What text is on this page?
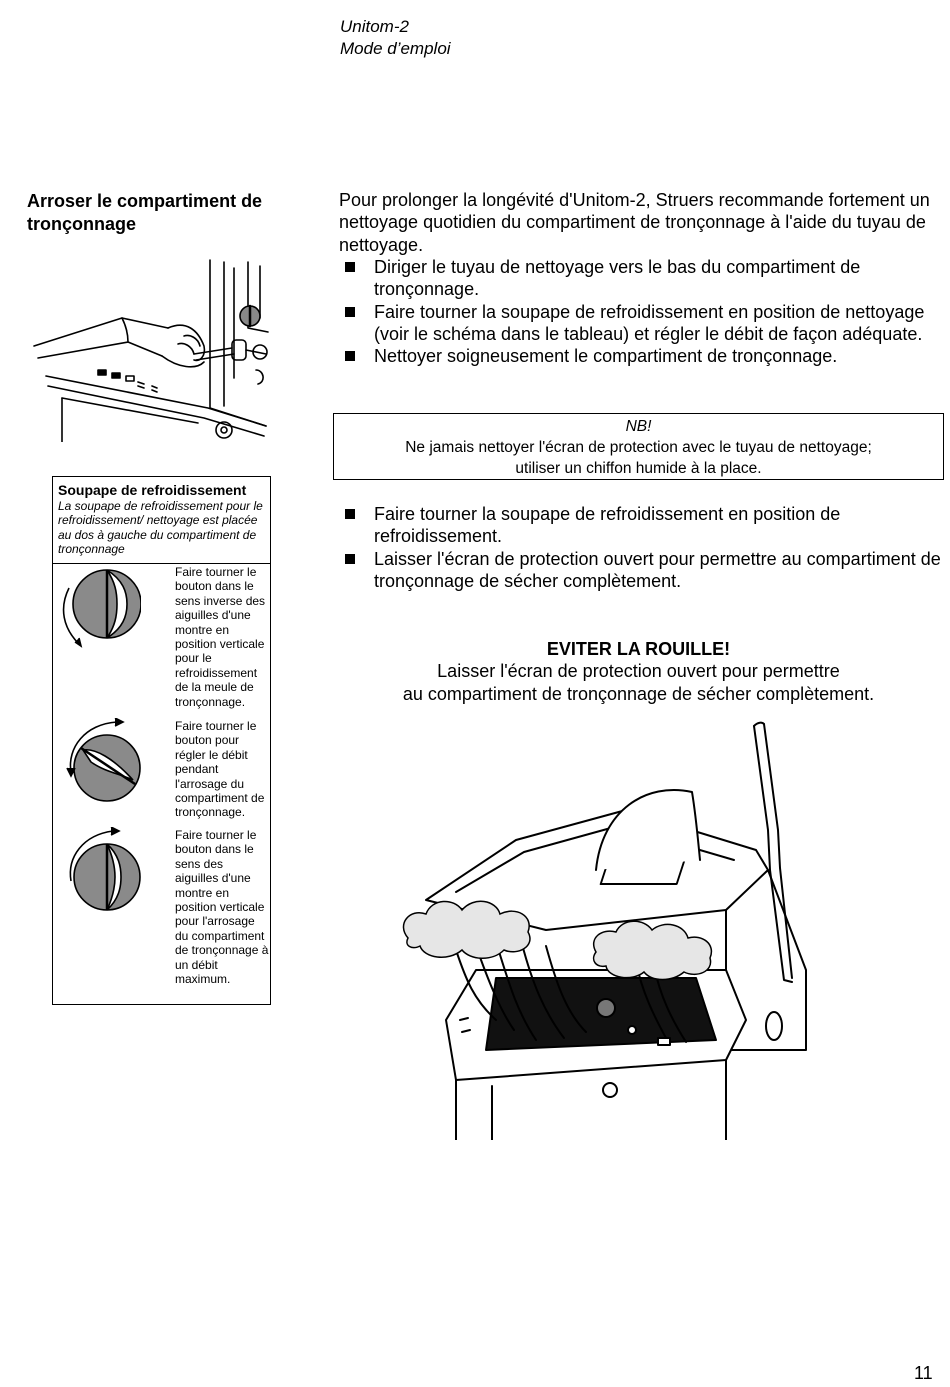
Unitom-2
Mode d’emploi
Arroser le compartiment de
tronçonnage
Pour prolonger la longévité d'Unitom-2, Struers recommande fortement un nettoyage quotidien du compartiment de tronçonnage à l'aide du tuyau de nettoyage.
Diriger le tuyau de nettoyage vers le bas du compartiment de tronçonnage.
Faire tourner la soupape de refroidissement en position de nettoyage (voir le schéma dans le tableau) et régler le débit de façon adéquate.
Nettoyer soigneusement le compartiment de tronçonnage.
NB!
Ne jamais nettoyer l'écran de protection avec le tuyau de nettoyage;
utiliser un chiffon humide à la place.
Faire tourner la soupape de refroidissement en position de refroidissement.
Laisser l'écran de protection ouvert pour permettre au compartiment de tronçonnage de sécher complètement.
EVITER LA ROUILLE!
Laisser l'écran de protection ouvert pour permettre
au compartiment de tronçonnage de sécher complètement.
Soupape de refroidissement
La soupape de refroidissement pour le refroidissement/ nettoyage est placée au dos à gauche du compartiment de tronçonnage
Faire tourner le bouton dans le sens inverse des aiguilles d'une montre en position verticale pour le refroidissement de la meule de tronçonnage.
Faire tourner le bouton pour régler le débit pendant l'arrosage du compartiment de tronçonnage.
Faire tourner le bouton dans le sens des aiguilles d'une montre en position verticale pour l'arrosage du compartiment de tronçonnage à un débit maximum.
11
